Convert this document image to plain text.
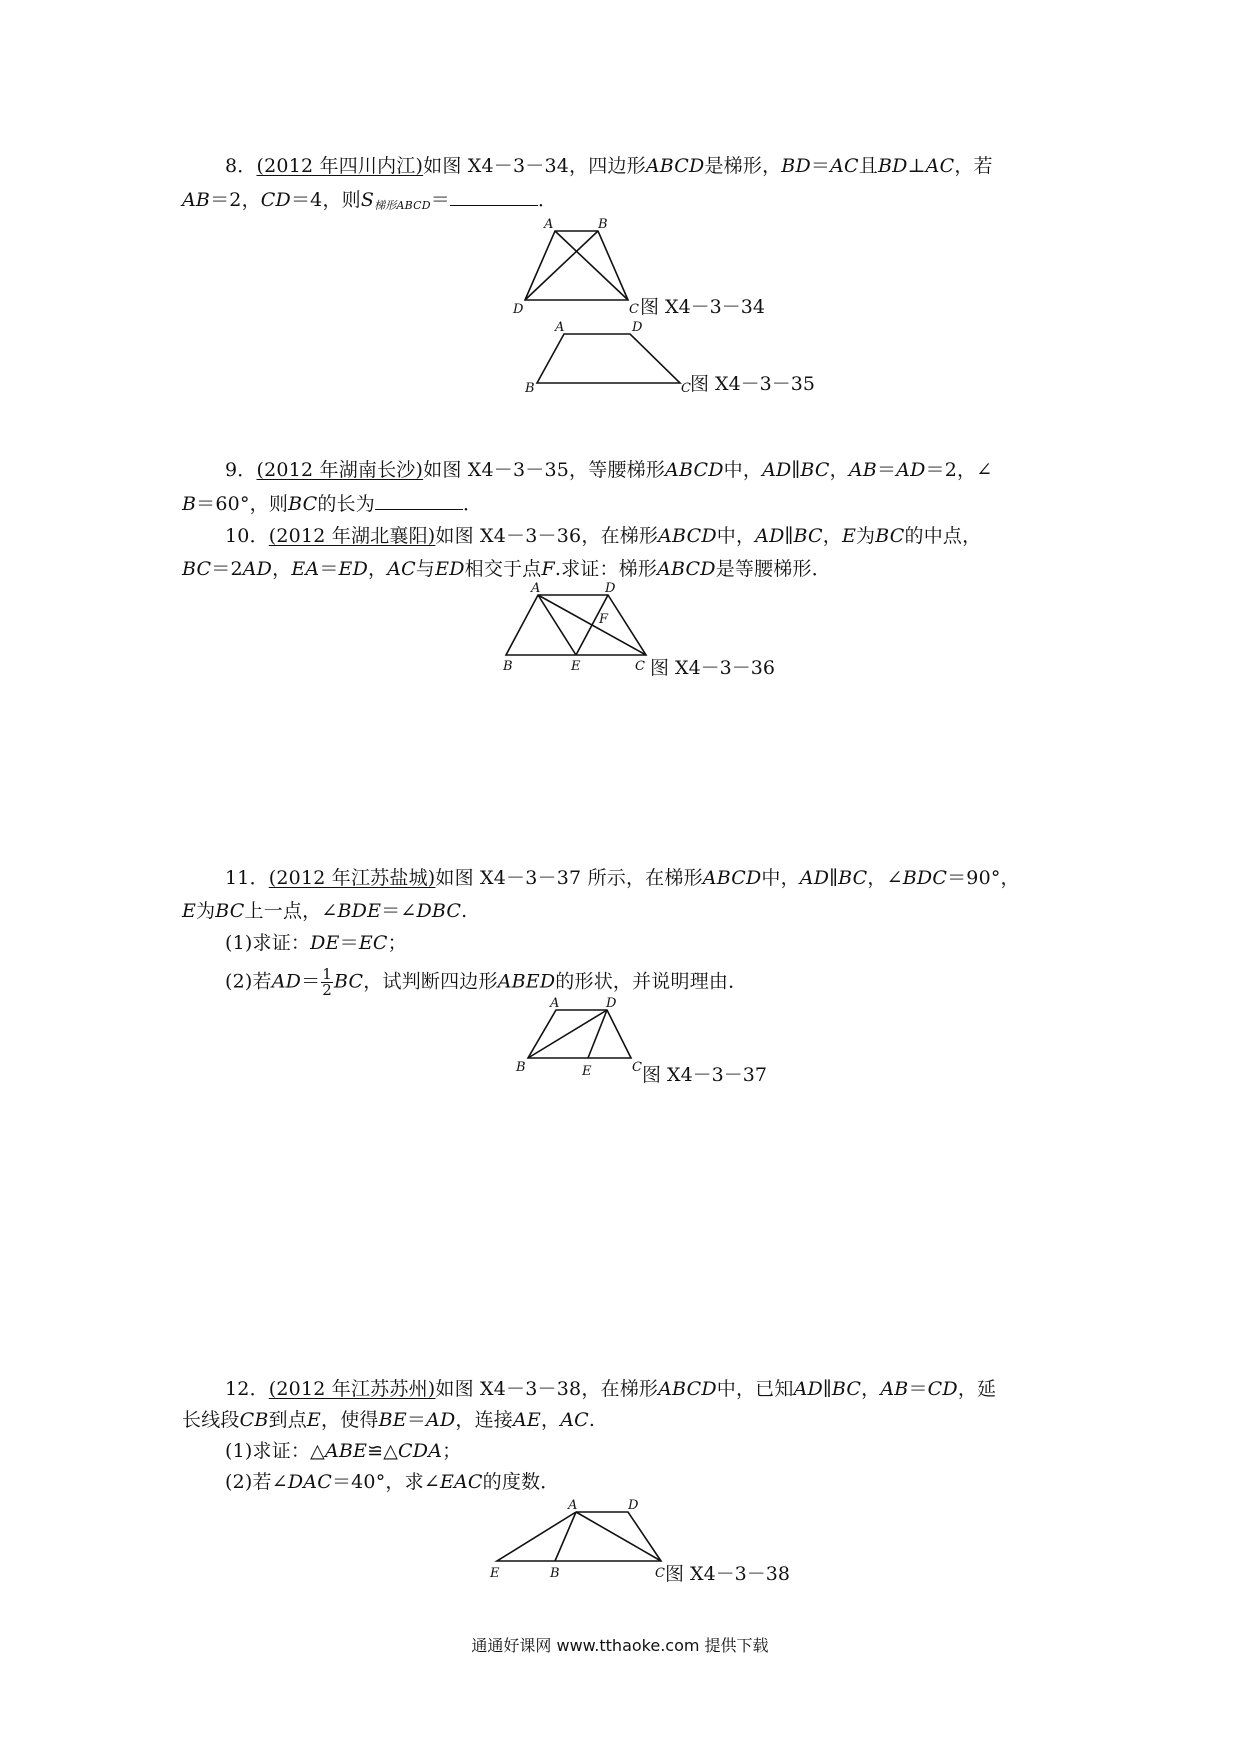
8．(2012 年四川内江)如图 X4－3－34，四边形ABCD是梯形，BD＝AC且BD⊥AC，若
AB＝2，CD＝4，则$S_{梯形ABCD}=$	．
A	B
C
D	图 X4－3－34
A	D
B	C 图 X4－3－35
9．(2012 年湖南长沙)如图 X4－3－35，等腰梯形ABCD中，AD∥BC，AB＝AD＝2，∠
B＝60°，则BC的长为	．
10．(2012 年湖北襄阳)如图 X4－3－36，在梯形ABCD中，AD∥BC，E为BC的中点，
BC＝2AD，EA＝ED，AC与ED相交于点F.求证：梯形ABCD是等腰梯形．
A	D
F
B	E	C 图 X4－3－36
11．(2012 年江苏盐城)如图 X4－3－37 所示，在梯形ABCD中，AD∥BC，∠BDC＝90°，
E为BC上一点，∠BDE＝∠DBC.
(1)求证：DE＝EC；
(2)若$AD= \frac{1}{2}$ BC，试判断四边形ABED的形状，并说明理由．
A	D
B	E	C 图 X4－3－37
12．(2012 年江苏苏州)如图 X4－3－38，在梯形ABCD中，已知AD∥BC，AB＝CD，延
长线段CB到点E，使得BE＝AD，连接AE，AC.
(1)求证：△ABE≌△CDA；
(2)若∠DAC＝40°，求∠EAC的度数．
A	D
E	B	C 图 X4－3－38
通通好课网 www.tthaoke.com 提供下载
